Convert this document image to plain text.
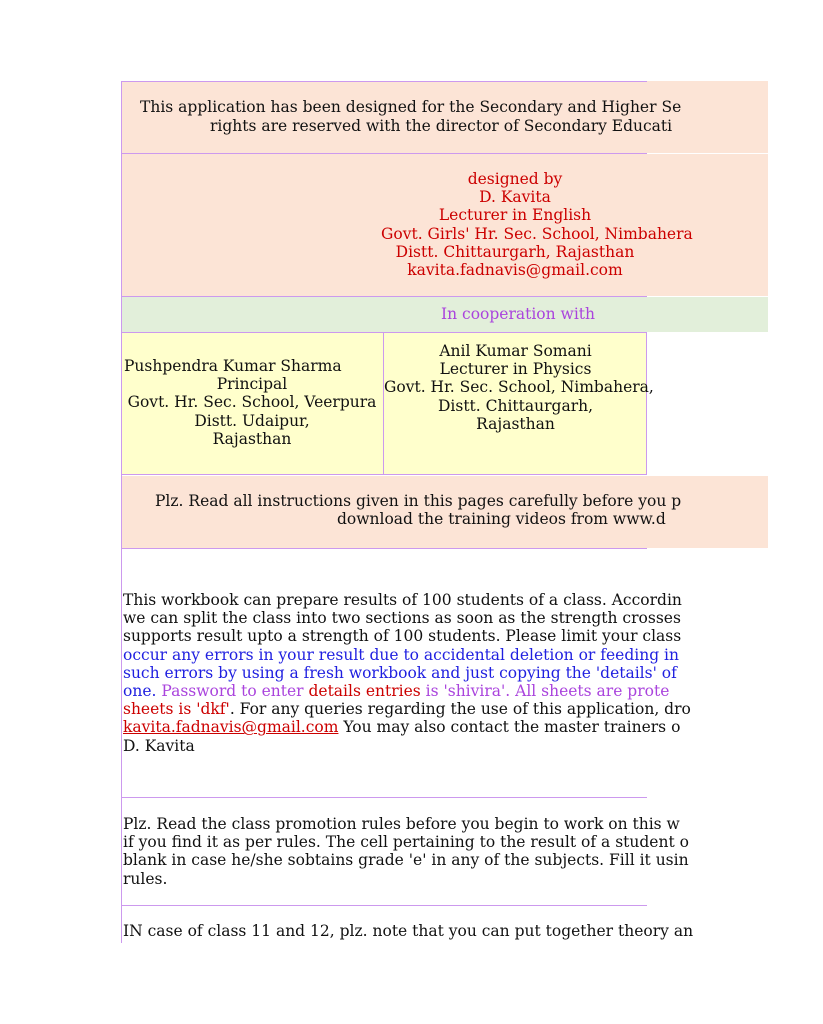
This application has been designed for the Secondary and Higher Se
rights are reserved with the director of Secondary Educati
designed by
D. Kavita
Lecturer in English
Govt. Girls' Hr. Sec. School, Nimbahera
Distt. Chittaurgarh, Rajasthan
kavita.fadnavis@gmail.com
In cooperation with
Pushpendra Kumar Sharma
Principal
Govt. Hr. Sec. School, Veerpura
Distt. Udaipur,
Rajasthan
Anil Kumar Somani
Lecturer in Physics
Govt. Hr. Sec. School, Nimbahera,
Distt. Chittaurgarh,
Rajasthan
Plz. Read all instructions given in this pages carefully before you p
download the training videos from www.d
This workbook can prepare results of 100 students of a class. Accordin
we can split the class into two sections as soon as the strength crosses
supports result upto a strength of 100 students. Please limit your class
occur any errors in your result due to accidental deletion or feeding in
such errors by using a fresh workbook and just copying the 'details' of
one. Password to enter details entries is 'shivira'. All sheets are prote
sheets is 'dkf'. For any queries regarding the use of this application, dro
kavita.fadnavis@gmail.com You may also contact the master trainers o
D. Kavita
Plz. Read the class promotion rules before you begin to work on this w
if you find it as per rules. The cell pertaining to the result of a student o
blank in case he/she sobtains grade 'e' in any of the subjects. Fill it usin
rules.
IN case of class 11 and 12, plz. note that you can put together theory an
